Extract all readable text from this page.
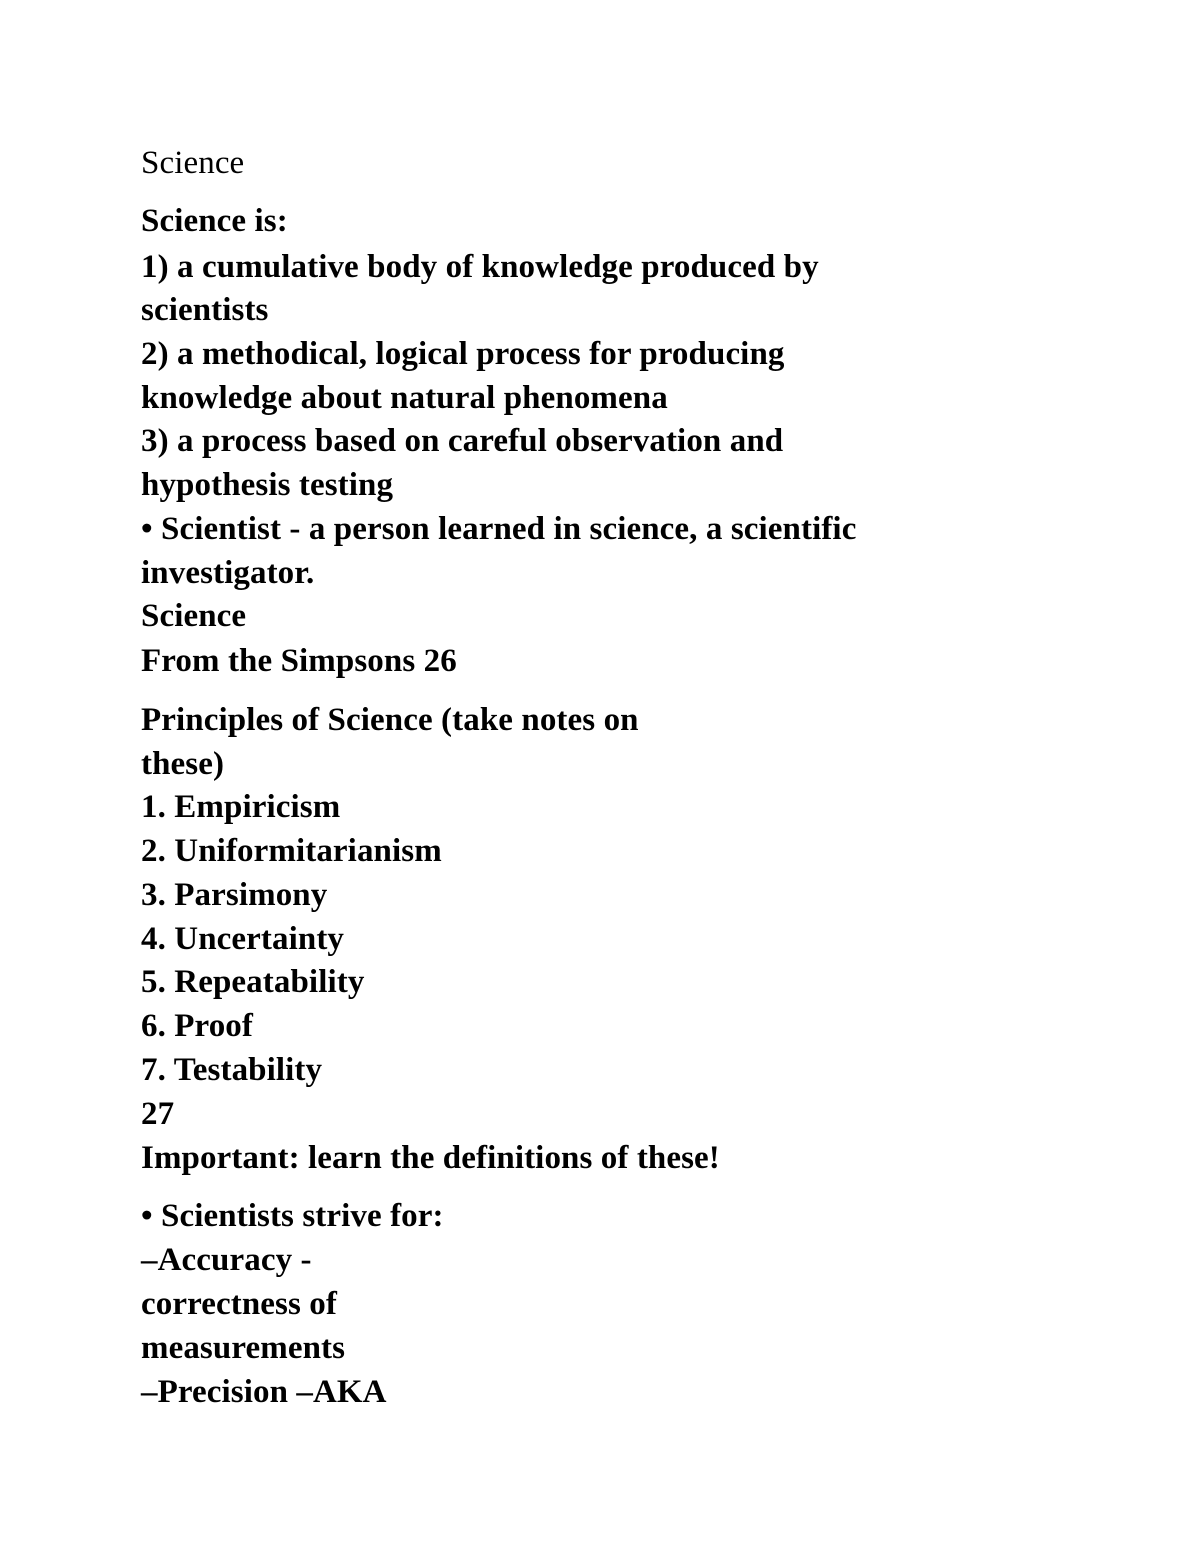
Science
Science is:
1) a cumulative body of knowledge produced by
scientists
2) a methodical, logical process for producing
knowledge about natural phenomena
3) a process based on careful observation and
hypothesis testing
• Scientist - a person learned in science, a scientific
investigator.
Science
From the Simpsons 26
Principles of Science (take notes on
these)
1. Empiricism
2. Uniformitarianism
3. Parsimony
4. Uncertainty
5. Repeatability
6. Proof
7. Testability
27
Important: learn the definitions of these!
• Scientists strive for:
–Accuracy -
correctness of
measurements
–Precision –AKA
